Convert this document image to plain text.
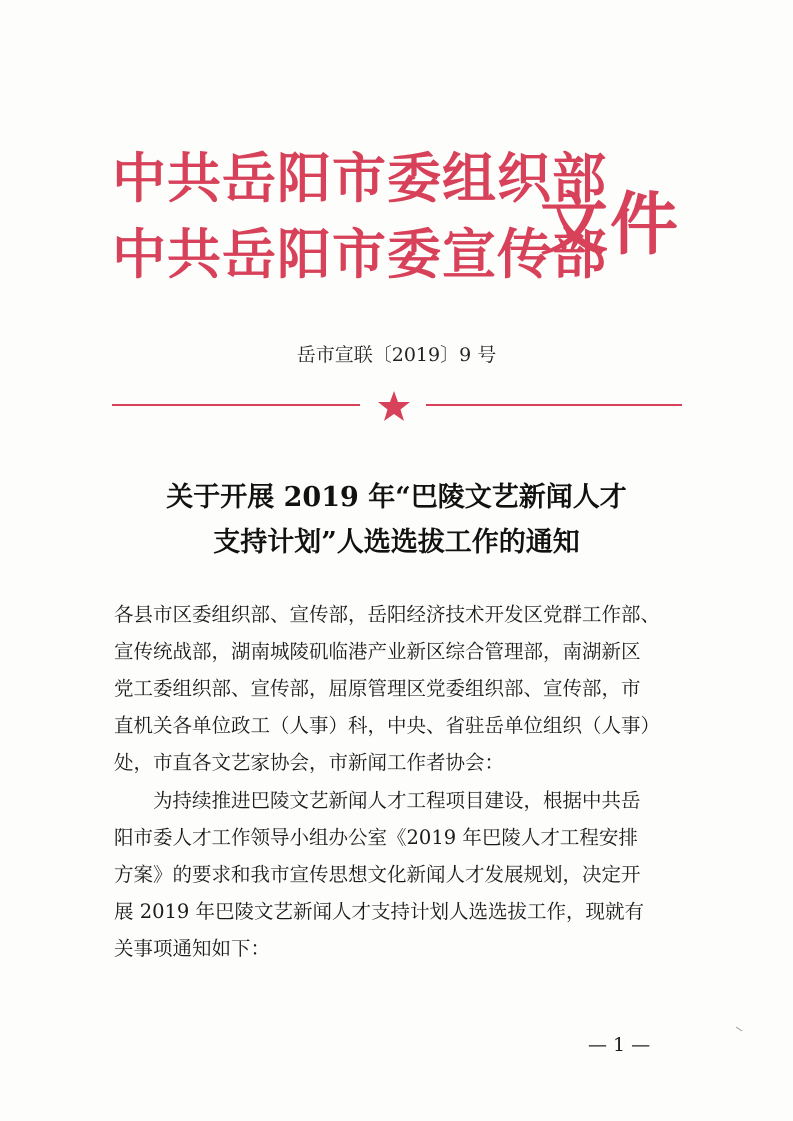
中共岳阳市委组织部
中共岳阳市委宣传部
文件
岳市宣联〔2019〕9 号
关于开展 2019 年“巴陵文艺新闻人才
支持计划”人选选拔工作的通知
各县市区委组织部、宣传部，岳阳经济技术开发区党群工作部、
宣传统战部，湖南城陵矶临港产业新区综合管理部，南湖新区
党工委组织部、宣传部，屈原管理区党委组织部、宣传部，市
直机关各单位政工（人事）科，中央、省驻岳单位组织（人事）
处，市直各文艺家协会，市新闻工作者协会：
为持续推进巴陵文艺新闻人才工程项目建设，根据中共岳
阳市委人才工作领导小组办公室《2019 年巴陵人才工程安排
方案》的要求和我市宣传思想文化新闻人才发展规划，决定开
展 2019 年巴陵文艺新闻人才支持计划人选选拔工作，现就有
关事项通知如下：
— 1 —
